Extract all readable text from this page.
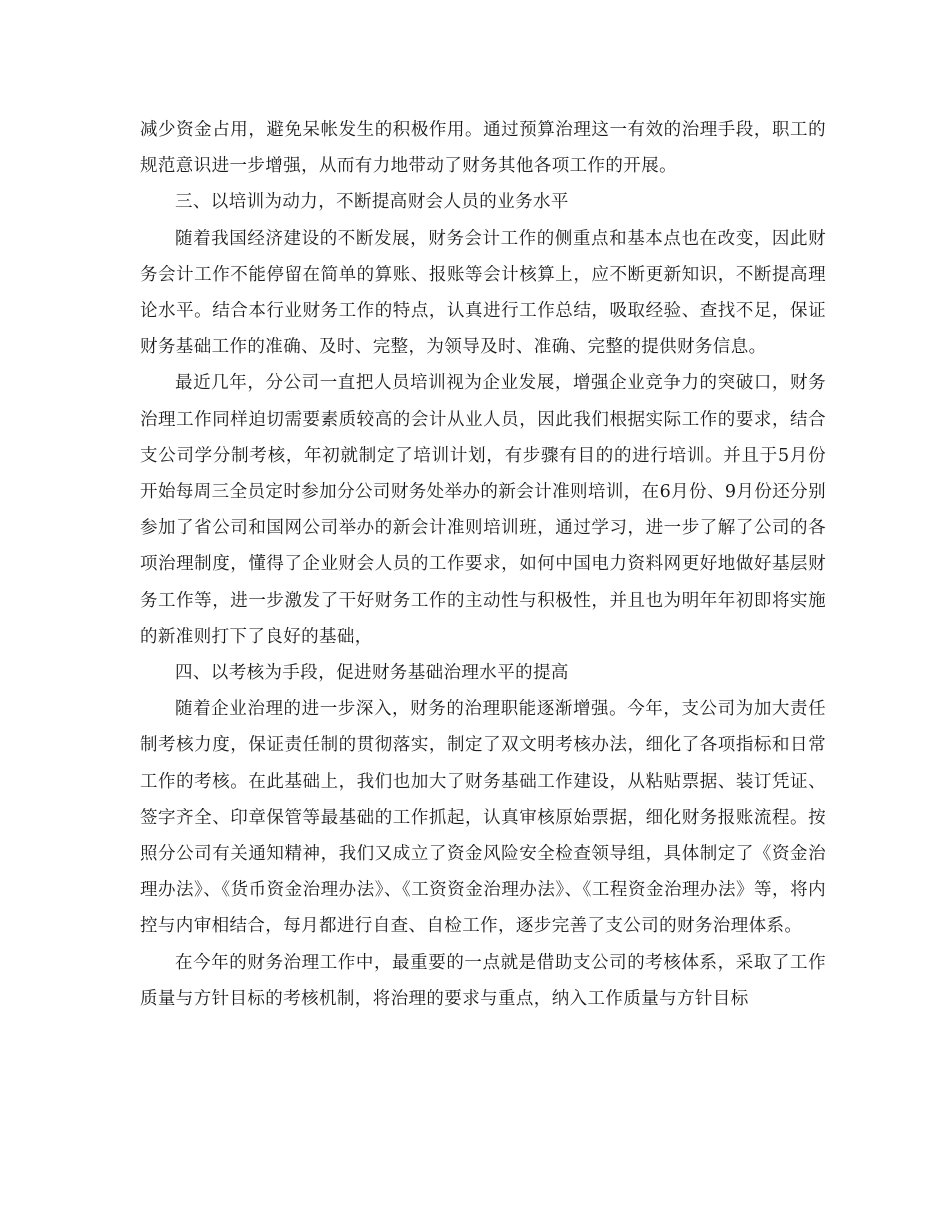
减少资金占用，避免呆帐发生的积极作用。通过预算治理这一有效的治理手段，职工的规范意识进一步增强，从而有力地带动了财务其他各项工作的开展。

三、以培训为动力，不断提高财会人员的业务水平

随着我国经济建设的不断发展，财务会计工作的侧重点和基本点也在改变，因此财务会计工作不能停留在简单的算账、报账等会计核算上，应不断更新知识，不断提高理论水平。结合本行业财务工作的特点，认真进行工作总结，吸取经验、查找不足，保证财务基础工作的准确、及时、完整，为领导及时、准确、完整的提供财务信息。

最近几年，分公司一直把人员培训视为企业发展，增强企业竞争力的突破口，财务治理工作同样迫切需要素质较高的会计从业人员，因此我们根据实际工作的要求，结合支公司学分制考核，年初就制定了培训计划，有步骤有目的的进行培训。并且于5月份开始每周三全员定时参加分公司财务处举办的新会计准则培训，在6月份、9月份还分别参加了省公司和国网公司举办的新会计准则培训班，通过学习，进一步了解了公司的各项治理制度，懂得了企业财会人员的工作要求，如何中国电力资料网更好地做好基层财务工作等，进一步激发了干好财务工作的主动性与积极性，并且也为明年年初即将实施的新准则打下了良好的基础，

四、以考核为手段，促进财务基础治理水平的提高

随着企业治理的进一步深入，财务的治理职能逐渐增强。今年，支公司为加大责任制考核力度，保证责任制的贯彻落实，制定了双文明考核办法，细化了各项指标和日常工作的考核。在此基础上，我们也加大了财务基础工作建设，从粘贴票据、装订凭证、签字齐全、印章保管等最基础的工作抓起，认真审核原始票据，细化财务报账流程。按照分公司有关通知精神，我们又成立了资金风险安全检查领导组，具体制定了《资金治理办法》、《货币资金治理办法》、《工资资金治理办法》、《工程资金治理办法》等，将内控与内审相结合，每月都进行自查、自检工作，逐步完善了支公司的财务治理体系。

在今年的财务治理工作中，最重要的一点就是借助支公司的考核体系，采取了工作质量与方针目标的考核机制，将治理的要求与重点，纳入工作质量与方针目标
